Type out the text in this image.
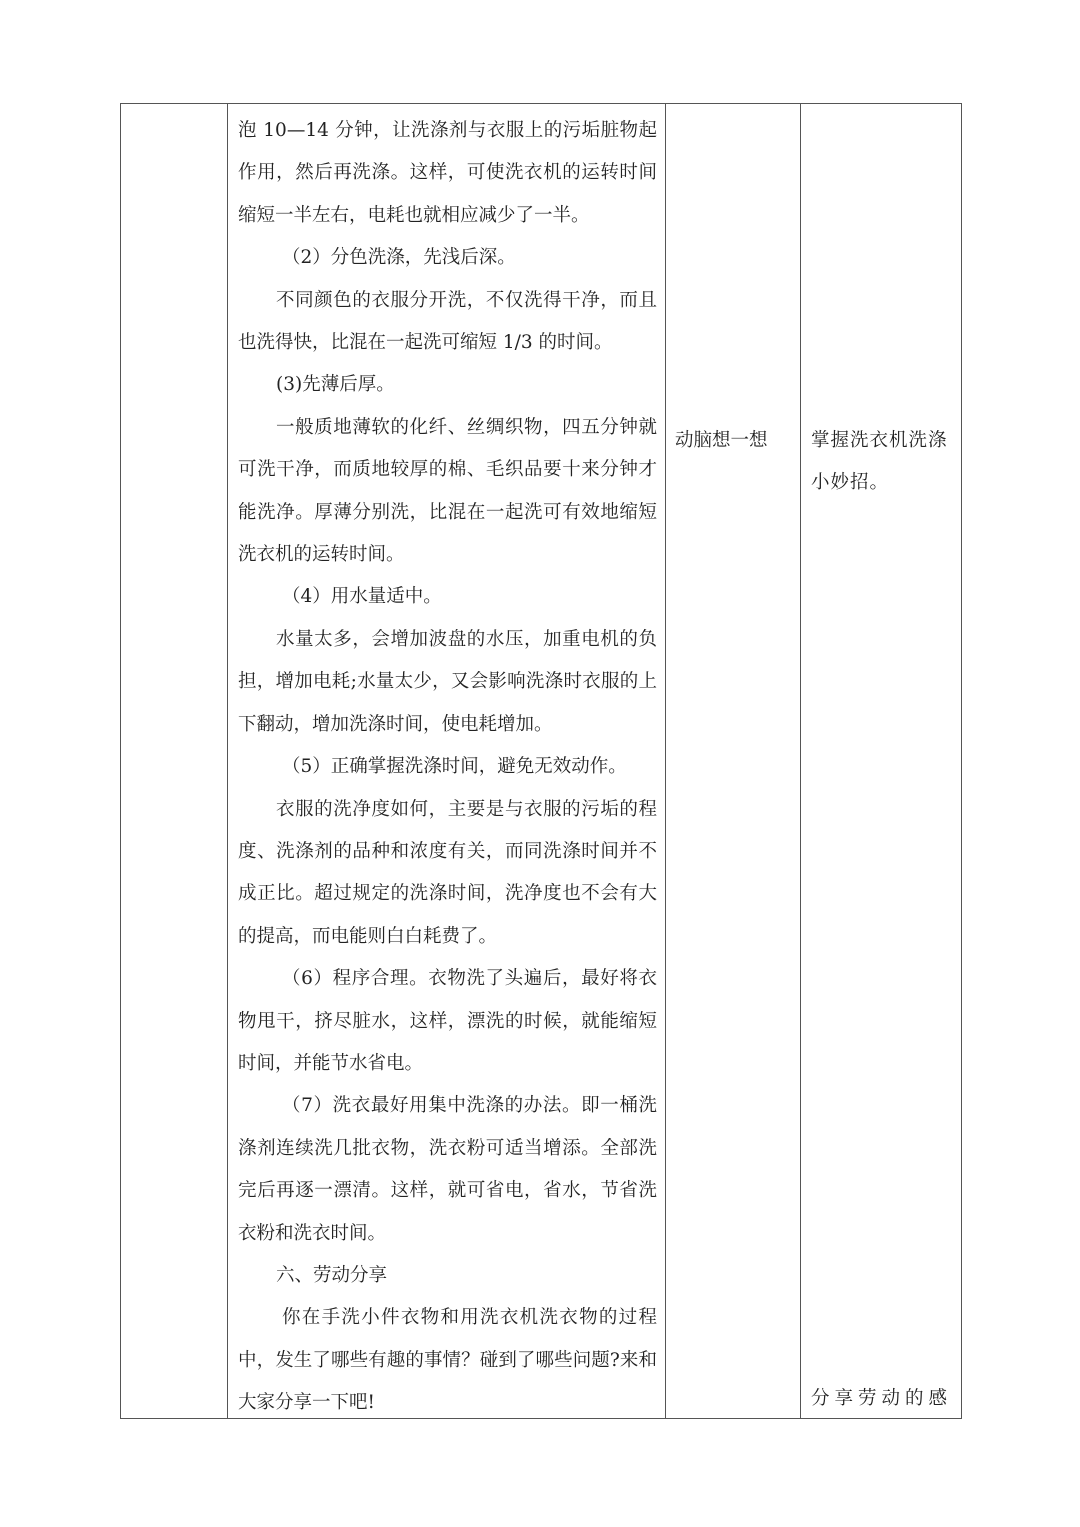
泡 10—14 分钟，让洗涤剂与衣服上的污垢脏物起作用，然后再洗涤。这样，可使洗衣机的运转时间缩短一半左右，电耗也就相应减少了一半。

（2）分色洗涤，先浅后深。

不同颜色的衣服分开洗，不仅洗得干净，而且也洗得快，比混在一起洗可缩短 1/3 的时间。

(3)先薄后厚。

一般质地薄软的化纤、丝绸织物，四五分钟就可洗干净，而质地较厚的棉、毛织品要十来分钟才能洗净。厚薄分别洗，比混在一起洗可有效地缩短洗衣机的运转时间。

（4）用水量适中。

水量太多，会增加波盘的水压，加重电机的负担，增加电耗;水量太少，又会影响洗涤时衣服的上下翻动，增加洗涤时间，使电耗增加。

（5）正确掌握洗涤时间，避免无效动作。

衣服的洗净度如何，主要是与衣服的污垢的程度、洗涤剂的品种和浓度有关，而同洗涤时间并不成正比。超过规定的洗涤时间，洗净度也不会有大的提高，而电能则白白耗费了。

（6）程序合理。衣物洗了头遍后，最好将衣物甩干，挤尽脏水，这样，漂洗的时候，就能缩短时间，并能节水省电。

（7）洗衣最好用集中洗涤的办法。即一桶洗涤剂连续洗几批衣物，洗衣粉可适当增添。全部洗完后再逐一漂清。这样，就可省电，省水，节省洗衣粉和洗衣时间。

六、劳动分享

你在手洗小件衣物和用洗衣机洗衣物的过程中，发生了哪些有趣的事情？碰到了哪些问题?来和大家分享一下吧!

动脑想一想 掌握洗衣机洗涤小妙招。

分享劳动的感
